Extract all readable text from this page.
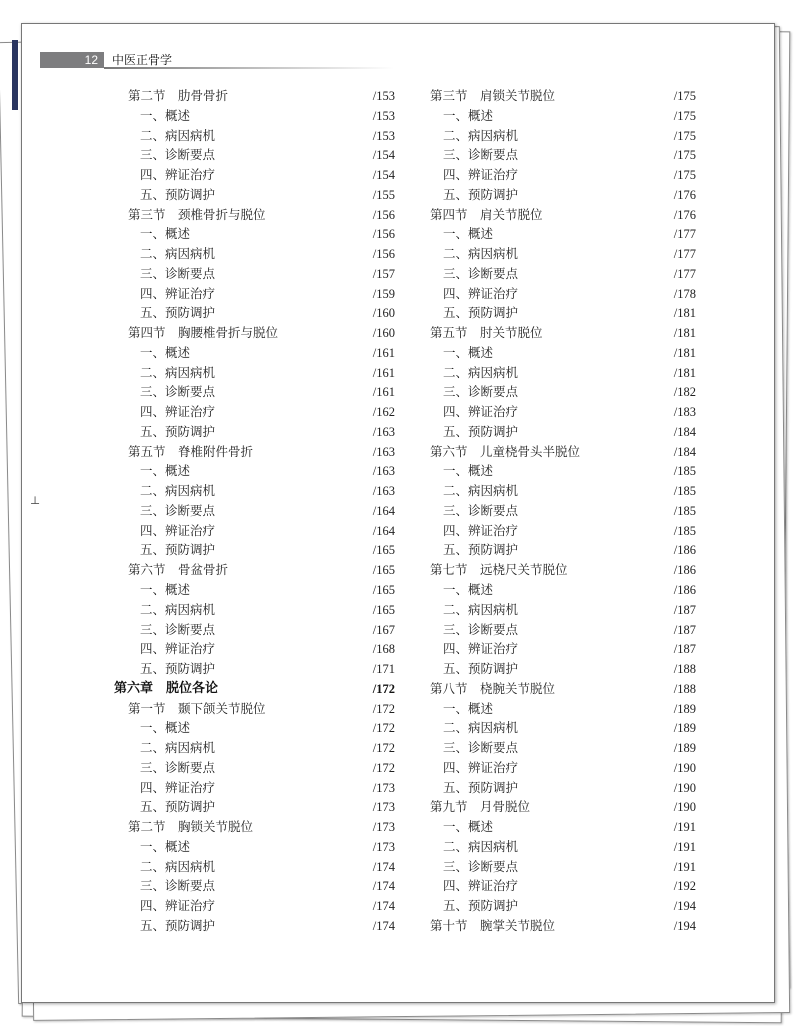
12	中医正骨学
⊥
第二节　肋骨骨折	/153
一、概述	/153
二、病因病机	/153
三、诊断要点	/154
四、辨证治疗	/154
五、预防调护	/155
第三节　颈椎骨折与脱位	/156
一、概述	/156
二、病因病机	/156
三、诊断要点	/157
四、辨证治疗	/159
五、预防调护	/160
第四节　胸腰椎骨折与脱位	/160
一、概述	/161
二、病因病机	/161
三、诊断要点	/161
四、辨证治疗	/162
五、预防调护	/163
第五节　脊椎附件骨折	/163
一、概述	/163
二、病因病机	/163
三、诊断要点	/164
四、辨证治疗	/164
五、预防调护	/165
第六节　骨盆骨折	/165
一、概述	/165
二、病因病机	/165
三、诊断要点	/167
四、辨证治疗	/168
五、预防调护	/171
第六章　脱位各论	/172
第一节　颞下颌关节脱位	/172
一、概述	/172
二、病因病机	/172
三、诊断要点	/172
四、辨证治疗	/173
五、预防调护	/173
第二节　胸锁关节脱位	/173
一、概述	/173
二、病因病机	/174
三、诊断要点	/174
四、辨证治疗	/174
五、预防调护	/174
第三节　肩锁关节脱位	/175
一、概述	/175
二、病因病机	/175
三、诊断要点	/175
四、辨证治疗	/175
五、预防调护	/176
第四节　肩关节脱位	/176
一、概述	/177
二、病因病机	/177
三、诊断要点	/177
四、辨证治疗	/178
五、预防调护	/181
第五节　肘关节脱位	/181
一、概述	/181
二、病因病机	/181
三、诊断要点	/182
四、辨证治疗	/183
五、预防调护	/184
第六节　儿童桡骨头半脱位	/184
一、概述	/185
二、病因病机	/185
三、诊断要点	/185
四、辨证治疗	/185
五、预防调护	/186
第七节　远桡尺关节脱位	/186
一、概述	/186
二、病因病机	/187
三、诊断要点	/187
四、辨证治疗	/187
五、预防调护	/188
第八节　桡腕关节脱位	/188
一、概述	/189
二、病因病机	/189
三、诊断要点	/189
四、辨证治疗	/190
五、预防调护	/190
第九节　月骨脱位	/190
一、概述	/191
二、病因病机	/191
三、诊断要点	/191
四、辨证治疗	/192
五、预防调护	/194
第十节　腕掌关节脱位	/194
